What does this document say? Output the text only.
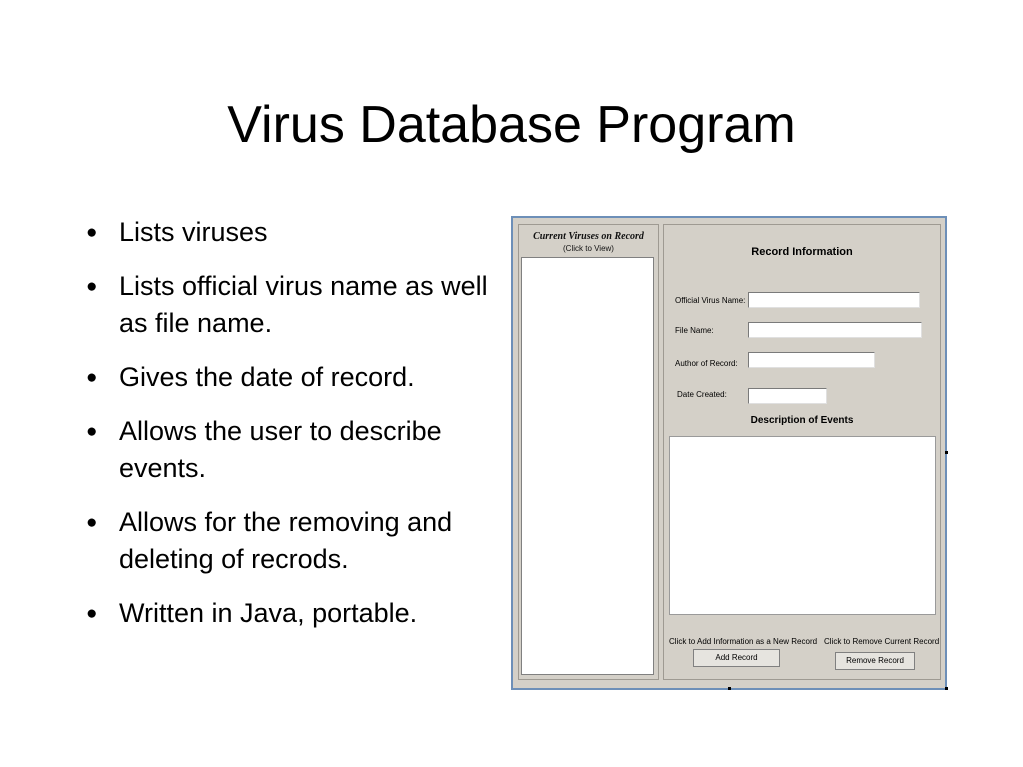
Virus Database Program
● Lists viruses
● Lists official virus name as well as file name.
● Gives the date of record.
● Allows the user to describe events.
● Allows for the removing and deleting of recrods.
● Written in Java, portable.
Current Viruses on Record
(Click to View)	Record Information
Official Virus Name:
File Name:
Author of Record:
Date Created:
Description of Events
Click to Add Information as a New Record Click to Remove Current Record
Add Record	Remove Record
